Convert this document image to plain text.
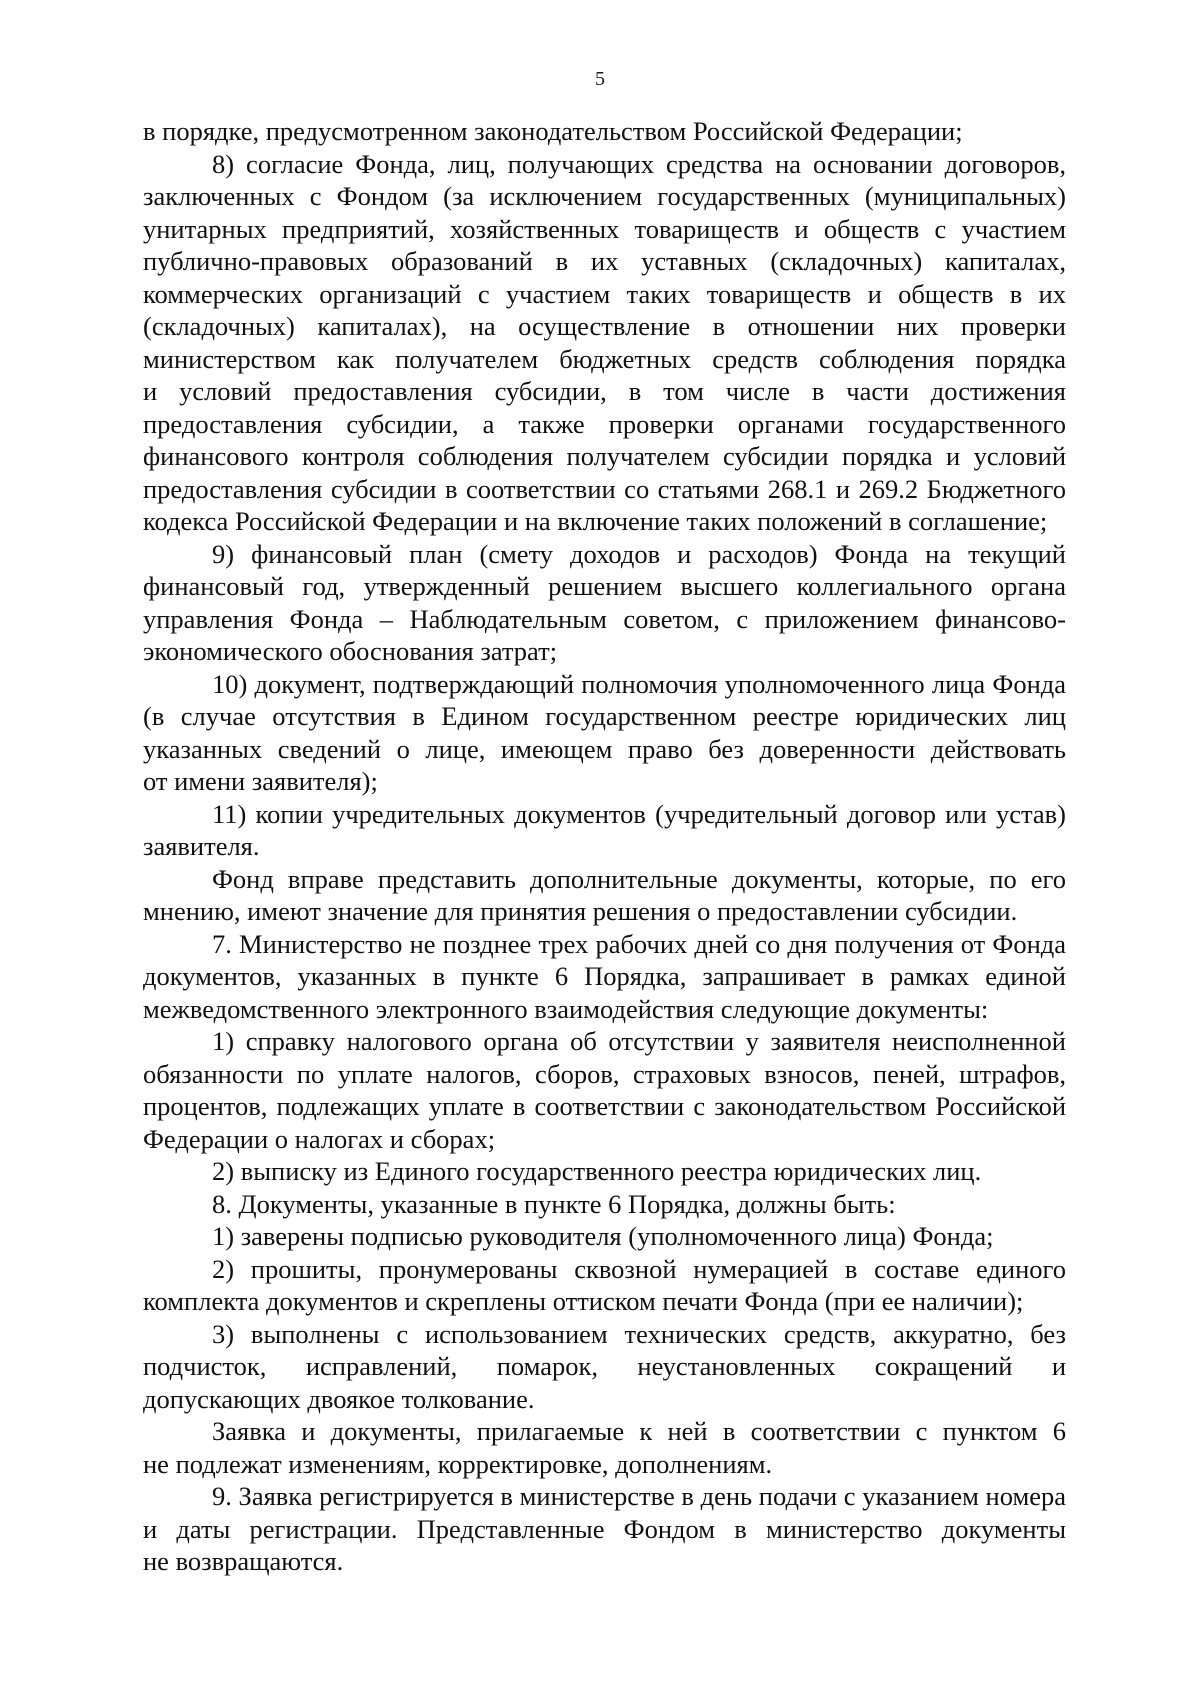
5
в порядке, предусмотренном законодательством Российской Федерации;
8) согласие Фонда, лиц, получающих средства на основании договоров,
заключенных с Фондом (за исключением государственных (муниципальных)
унитарных предприятий, хозяйственных товариществ и обществ с участием
публично-правовых образований в их уставных (складочных) капиталах,
коммерческих организаций с участием таких товариществ и обществ в их
(складочных) капиталах), на осуществление в отношении них проверки
министерством как получателем бюджетных средств соблюдения порядка
и условий предоставления субсидии, в том числе в части достижения
предоставления субсидии, а также проверки органами государственного
финансового контроля соблюдения получателем субсидии порядка и условий
предоставления субсидии в соответствии со статьями 268.1 и 269.2 Бюджетного
кодекса Российской Федерации и на включение таких положений в соглашение;
9) финансовый план (смету доходов и расходов) Фонда на текущий
финансовый год, утвержденный решением высшего коллегиального органа
управления Фонда – Наблюдательным советом, с приложением финансово-
экономического обоснования затрат;
10) документ, подтверждающий полномочия уполномоченного лица Фонда
(в случае отсутствия в Едином государственном реестре юридических лиц
указанных сведений о лице, имеющем право без доверенности действовать
от имени заявителя);
11) копии учредительных документов (учредительный договор или устав)
заявителя.
Фонд вправе представить дополнительные документы, которые, по его
мнению, имеют значение для принятия решения о предоставлении субсидии.
7. Министерство не позднее трех рабочих дней со дня получения от Фонда
документов, указанных в пункте 6 Порядка, запрашивает в рамках единой
межведомственного электронного взаимодействия следующие документы:
1) справку налогового органа об отсутствии у заявителя неисполненной
обязанности по уплате налогов, сборов, страховых взносов, пеней, штрафов,
процентов, подлежащих уплате в соответствии с законодательством Российской
Федерации о налогах и сборах;
2) выписку из Единого государственного реестра юридических лиц.
8. Документы, указанные в пункте 6 Порядка, должны быть:
1) заверены подписью руководителя (уполномоченного лица) Фонда;
2) прошиты, пронумерованы сквозной нумерацией в составе единого
комплекта документов и скреплены оттиском печати Фонда (при ее наличии);
3) выполнены с использованием технических средств, аккуратно, без
подчисток, исправлений, помарок, неустановленных сокращений и
допускающих двоякое толкование.
Заявка и документы, прилагаемые к ней в соответствии с пунктом 6
не подлежат изменениям, корректировке, дополнениям.
9. Заявка регистрируется в министерстве в день подачи с указанием номера
и даты регистрации. Представленные Фондом в министерство документы
не возвращаются.
